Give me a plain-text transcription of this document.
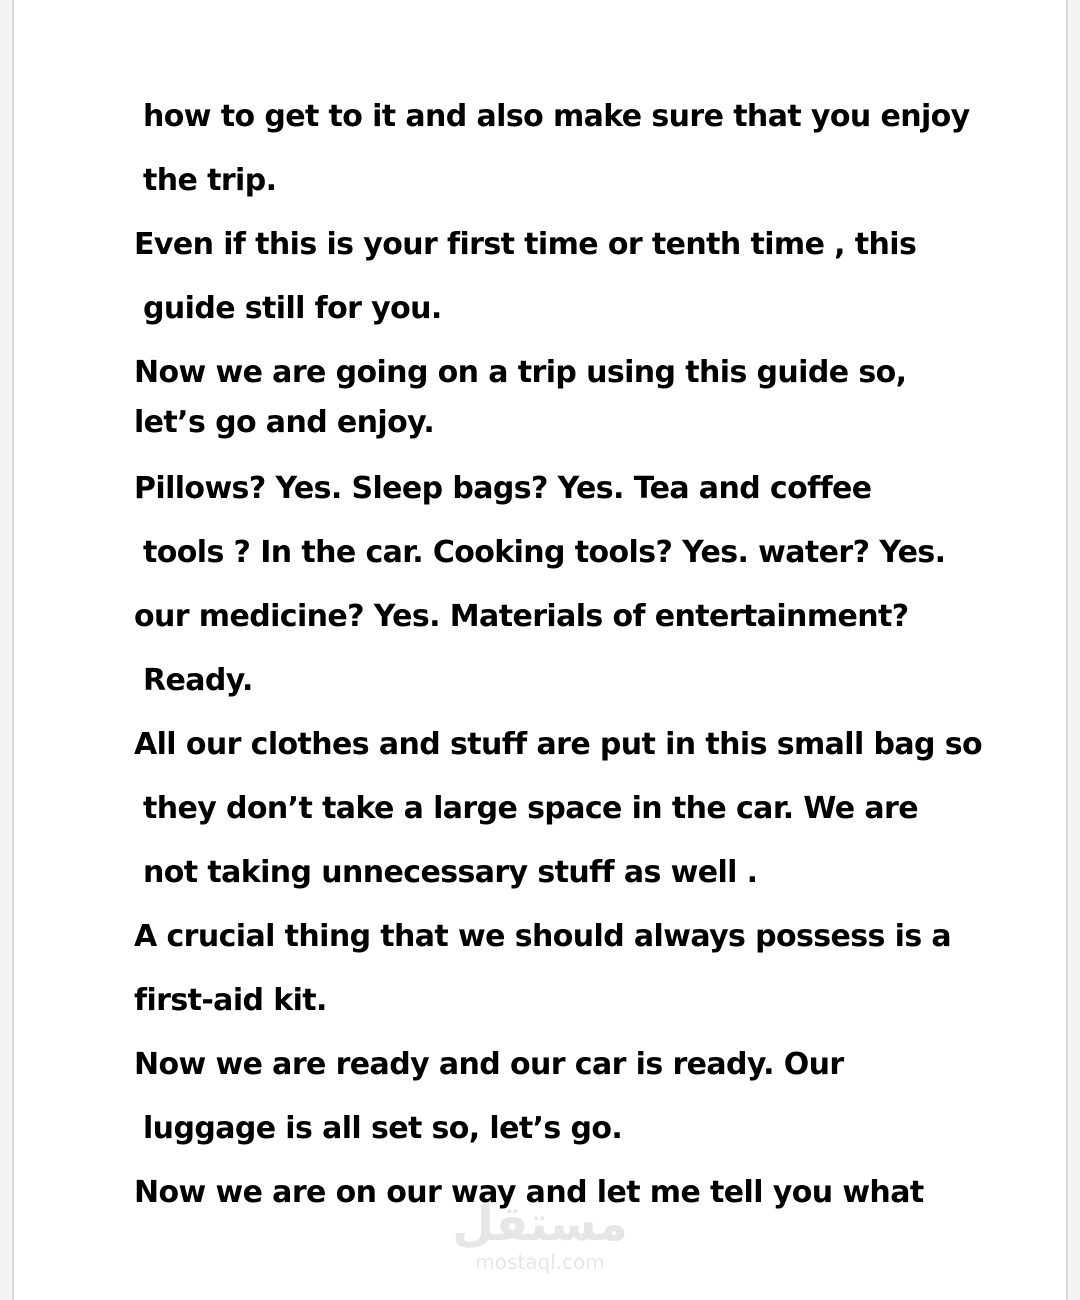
how to get to it and also make sure that you enjoy
the trip.
Even if this is your first time or tenth time , this
guide still for you.
Now we are going on a trip using this guide so,
let’s go and enjoy.
Pillows? Yes. Sleep bags? Yes. Tea and coffee
tools ? In the car. Cooking tools? Yes. water? Yes.
our medicine? Yes. Materials of entertainment?
Ready.
All our clothes and stuff are put in this small bag so
they don’t take a large space in the car. We are
not taking unnecessary stuff as well .
A crucial thing that we should always possess is a
first-aid kit.
Now we are ready and our car is ready. Our
luggage is all set so, let’s go.
Now we are on our way and let me tell you what
مستقل
mostaql.com
